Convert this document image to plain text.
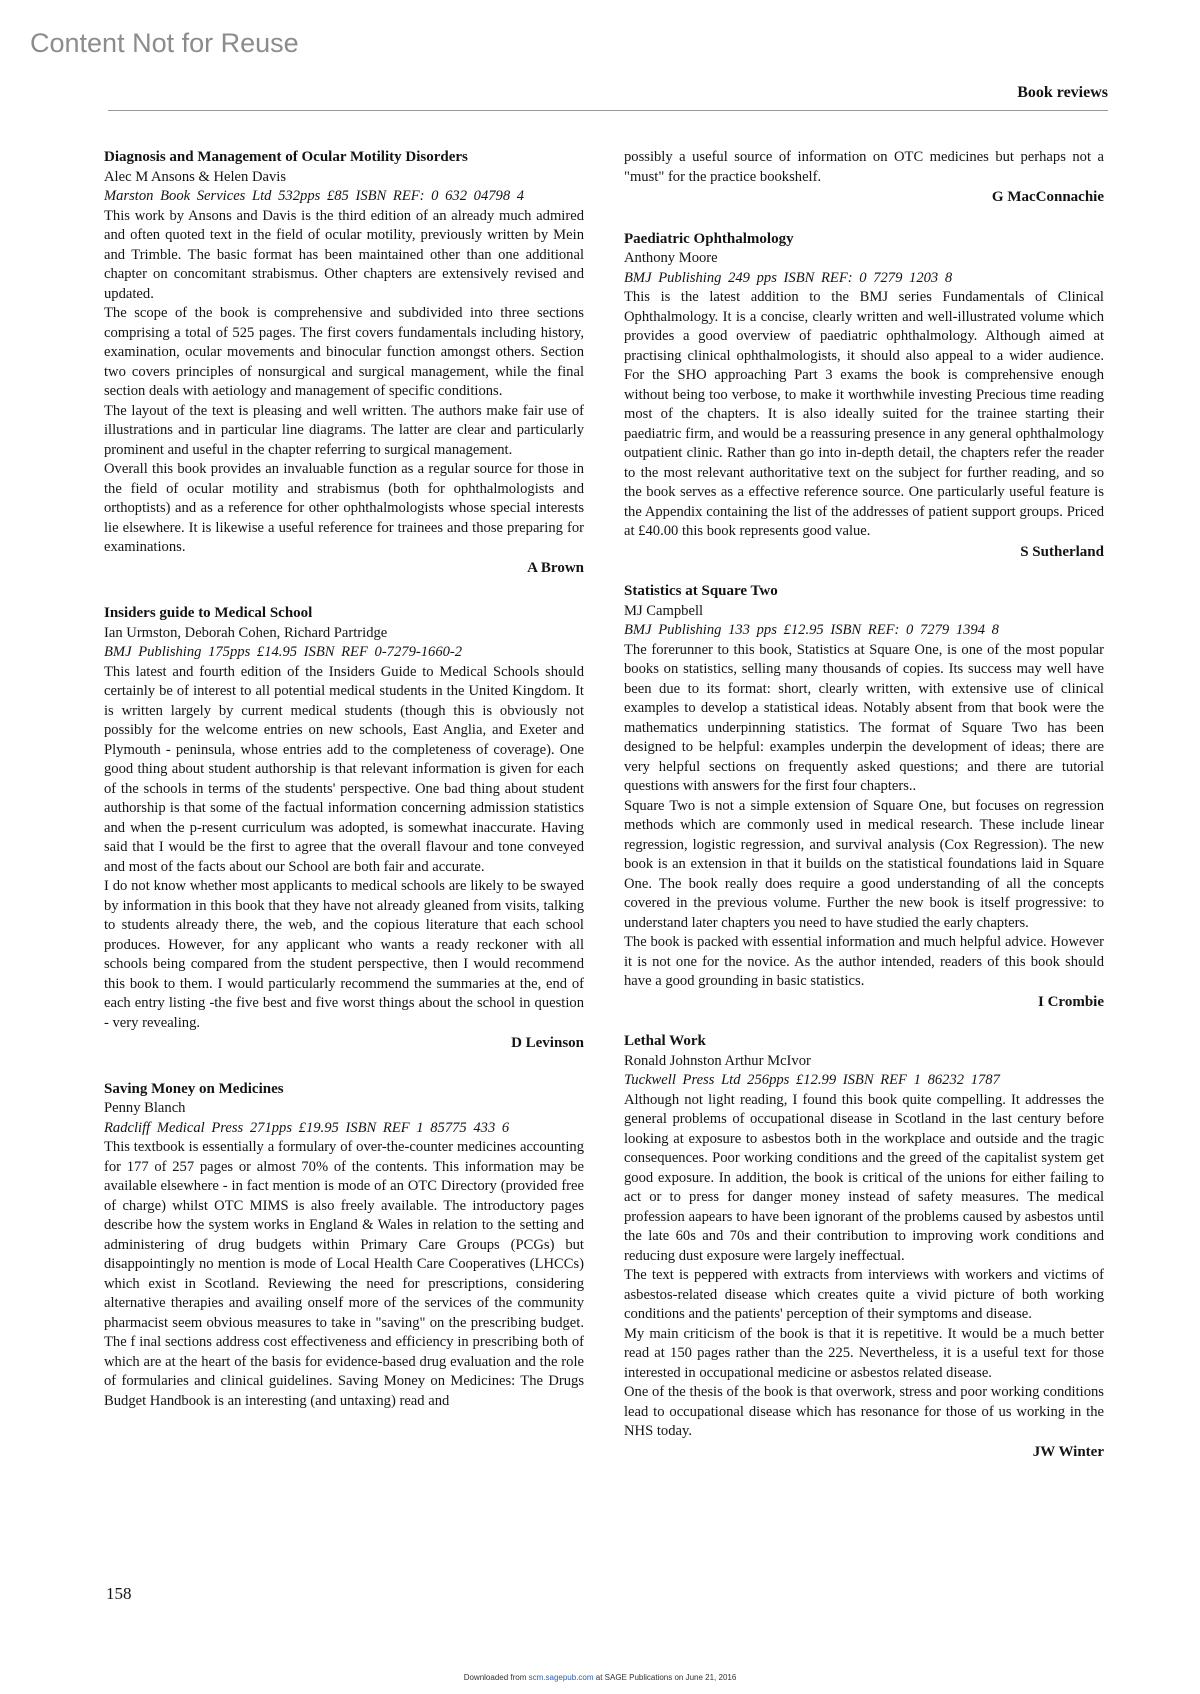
Content Not for Reuse
Book reviews
Diagnosis and Management of Ocular Motility Disorders
Alec M Ansons & Helen Davis
Marston Book Services Ltd 532pps £85 ISBN REF: 0 632 04798 4

This work by Ansons and Davis is the third edition of an already much admired and often quoted text in the field of ocular motility, previously written by Mein and Trimble. The basic format has been maintained other than one additional chapter on concomitant strabismus. Other chapters are extensively revised and updated.

The scope of the book is comprehensive and subdivided into three sections comprising a total of 525 pages. The first covers fundamentals including history, examination, ocular movements and binocular function amongst others. Section two covers principles of nonsurgical and surgical management, while the final section deals with aetiology and management of specific conditions.

The layout of the text is pleasing and well written. The authors make fair use of illustrations and in particular line diagrams. The latter are clear and particularly prominent and useful in the chapter referring to surgical management.

Overall this book provides an invaluable function as a regular source for those in the field of ocular motility and strabismus (both for ophthalmologists and orthoptists) and as a reference for other ophthalmologists whose special interests lie elsewhere. It is likewise a useful reference for trainees and those preparing for examinations.

A Brown
Insiders guide to Medical School
Ian Urmston, Deborah Cohen, Richard Partridge
BMJ Publishing 175pps £14.95 ISBN REF 0-7279-1660-2

This latest and fourth edition of the Insiders Guide to Medical Schools should certainly be of interest to all potential medical students in the United Kingdom. It is written largely by current medical students (though this is obviously not possibly for the welcome entries on new schools, East Anglia, and Exeter and Plymouth - peninsula, whose entries add to the completeness of coverage). One good thing about student authorship is that relevant information is given for each of the schools in terms of the students' perspective. One bad thing about student authorship is that some of the factual information concerning admission statistics and when the p-resent curriculum was adopted, is somewhat inaccurate. Having said that I would be the first to agree that the overall flavour and tone conveyed and most of the facts about our School are both fair and accurate.

I do not know whether most applicants to medical schools are likely to be swayed by information in this book that they have not already gleaned from visits, talking to students already there, the web, and the copious literature that each school produces. However, for any applicant who wants a ready reckoner with all schools being compared from the student perspective, then I would recommend this book to them. I would particularly recommend the summaries at the, end of each entry listing -the five best and five worst things about the school in question - very revealing.

D Levinson
Saving Money on Medicines
Penny Blanch
Radcliff Medical Press 271pps £19.95 ISBN REF 1 85775 433 6

This textbook is essentially a formulary of over-the-counter medicines accounting for 177 of 257 pages or almost 70% of the contents. This information may be available elsewhere - in fact mention is mode of an OTC Directory (provided free of charge) whilst OTC MIMS is also freely available. The introductory pages describe how the system works in England & Wales in relation to the setting and administering of drug budgets within Primary Care Groups (PCGs) but disappointingly no mention is mode of Local Health Care Cooperatives (LHCCs) which exist in Scotland. Reviewing the need for prescriptions, considering alternative therapies and availing onself more of the services of the community pharmacist seem obvious measures to take in "saving" on the prescribing budget. The f inal sections address cost effectiveness and efficiency in prescribing both of which are at the heart of the basis for evidence-based drug evaluation and the role of formularies and clinical guidelines. Saving Money on Medicines: The Drugs Budget Handbook is an interesting (and untaxing) read and

possibly a useful source of information on OTC medicines but perhaps not a "must" for the practice bookshelf.

G MacConnachie
Paediatric Ophthalmology
Anthony Moore
BMJ Publishing 249 pps ISBN REF: 0 7279 1203 8

This is the latest addition to the BMJ series Fundamentals of Clinical Ophthalmology. It is a concise, clearly written and well-illustrated volume which provides a good overview of paediatric ophthalmology. Although aimed at practising clinical ophthalmologists, it should also appeal to a wider audience. For the SHO approaching Part 3 exams the book is comprehensive enough without being too verbose, to make it worthwhile investing Precious time reading most of the chapters. It is also ideally suited for the trainee starting their paediatric firm, and would be a reassuring presence in any general ophthalmology outpatient clinic. Rather than go into in-depth detail, the chapters refer the reader to the most relevant authoritative text on the subject for further reading, and so the book serves as a effective reference source. One particularly useful feature is the Appendix containing the list of the addresses of patient support groups. Priced at £40.00 this book represents good value.

S Sutherland
Statistics at Square Two
MJ Campbell
BMJ Publishing 133 pps £12.95 ISBN REF: 0 7279 1394 8

The forerunner to this book, Statistics at Square One, is one of the most popular books on statistics, selling many thousands of copies. Its success may well have been due to its format: short, clearly written, with extensive use of clinical examples to develop a statistical ideas. Notably absent from that book were the mathematics underpinning statistics. The format of Square Two has been designed to be helpful: examples underpin the development of ideas; there are very helpful sections on frequently asked questions; and there are tutorial questions with answers for the first four chapters..

Square Two is not a simple extension of Square One, but focuses on regression methods which are commonly used in medical research. These include linear regression, logistic regression, and survival analysis (Cox Regression). The new book is an extension in that it builds on the statistical foundations laid in Square One. The book really does require a good understanding of all the concepts covered in the previous volume. Further the new book is itself progressive: to understand later chapters you need to have studied the early chapters.

The book is packed with essential information and much helpful advice. However it is not one for the novice. As the author intended, readers of this book should have a good grounding in basic statistics.

I Crombie
Lethal Work
Ronald Johnston Arthur McIvor
Tuckwell Press Ltd 256pps £12.99 ISBN REF 1 86232 1787

Although not light reading, I found this book quite compelling. It addresses the general problems of occupational disease in Scotland in the last century before looking at exposure to asbestos both in the workplace and outside and the tragic consequences. Poor working conditions and the greed of the capitalist system get good exposure. In addition, the book is critical of the unions for either failing to act or to press for danger money instead of safety measures. The medical profession aapears to have been ignorant of the problems caused by asbestos until the late 60s and 70s and their contribution to improving work conditions and reducing dust exposure were largely ineffectual.

The text is peppered with extracts from interviews with workers and victims of asbestos-related disease which creates quite a vivid picture of both working conditions and the patients' perception of their symptoms and disease.

My main criticism of the book is that it is repetitive. It would be a much better read at 150 pages rather than the 225. Nevertheless, it is a useful text for those interested in occupational medicine or asbestos related disease.

One of the thesis of the book is that overwork, stress and poor working conditions lead to occupational disease which has resonance for those of us working in the NHS today.

JW Winter
158
Downloaded from scm.sagepub.com at SAGE Publications on June 21, 2016
